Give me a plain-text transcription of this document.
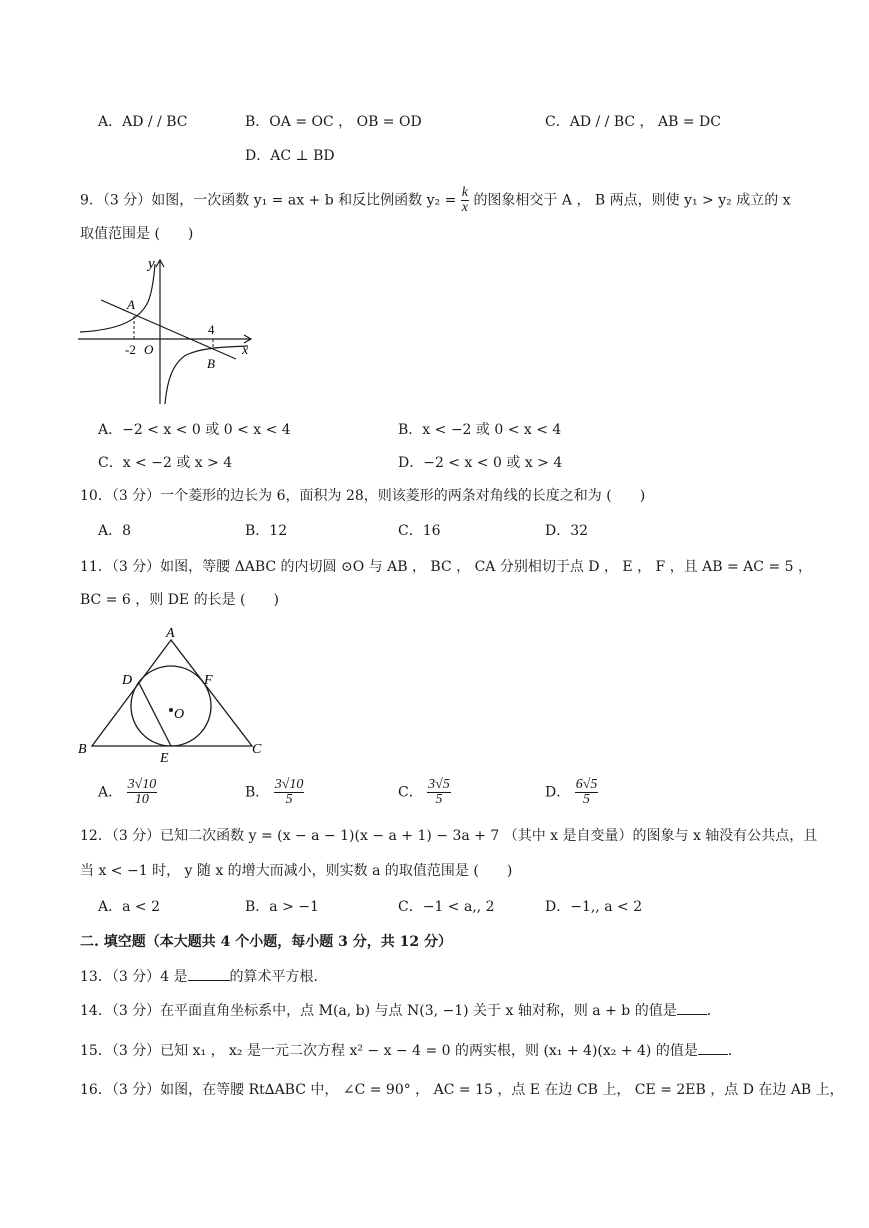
A．AD / / BC	B．OA = OC ， OB = OD	C．AD / / BC ， AB = DC
D．AC ⊥ BD
9．（3 分）如图，一次函数 y₁ = ax + b 和反比例函数 $y_2 = \frac{k}{x}$ 的图象相交于 A ， B 两点，则使 y₁ > y₂ 成立的 x
取值范围是 (　　)
y
x
A
B
-2 O
4
A．−2 < x < 0 或 0 < x < 4	B．x < −2 或 0 < x < 4
C．x < −2 或 x > 4	D．−2 < x < 0 或 x > 4
10．（3 分）一个菱形的边长为 6，面积为 28，则该菱形的两条对角线的长度之和为 (　　)
A．8	B．12	C．16	D．32
11．（3 分）如图，等腰 ΔABC 的内切圆 ⊙O 与 AB ， BC ， CA 分别相切于点 D ， E ， F ，且 AB = AC = 5 ，
BC = 6 ，则 DE 的长是 (　　)
A
B	C
D
E
F
O
A． $\frac{3√10}{10}$	B． $\frac{3√10}{5}$	C． $\frac{3√5}{5}$	D． $\frac{6√5}{5}$
12．（3 分）已知二次函数 y = (x − a − 1)(x − a + 1) − 3a + 7 （其中 x 是自变量）的图象与 x 轴没有公共点，且
当 x < −1 时， y 随 x 的增大而减小，则实数 a 的取值范围是 (　　)
A．a < 2	B．a > −1	C．−1 < a,, 2	D．−1,, a < 2
二. 填空题（本大题共 4 个小题，每小题 3 分，共 12 分）
13．（3 分）4 是	的算术平方根．
14．（3 分）在平面直角坐标系中，点 M(a, b) 与点 N(3, −1) 关于 x 轴对称，则 a + b 的值是 ．
15．（3 分）已知 x₁ ， x₂ 是一元二次方程 x² − x − 4 = 0 的两实根，则 (x₁ + 4)(x₂ + 4) 的值是 ．
16．（3 分）如图，在等腰 Rt∆ABC 中， ∠C = 90° ， AC = 15 ，点 E 在边 CB 上， CE = 2EB ，点 D 在边 AB 上，
